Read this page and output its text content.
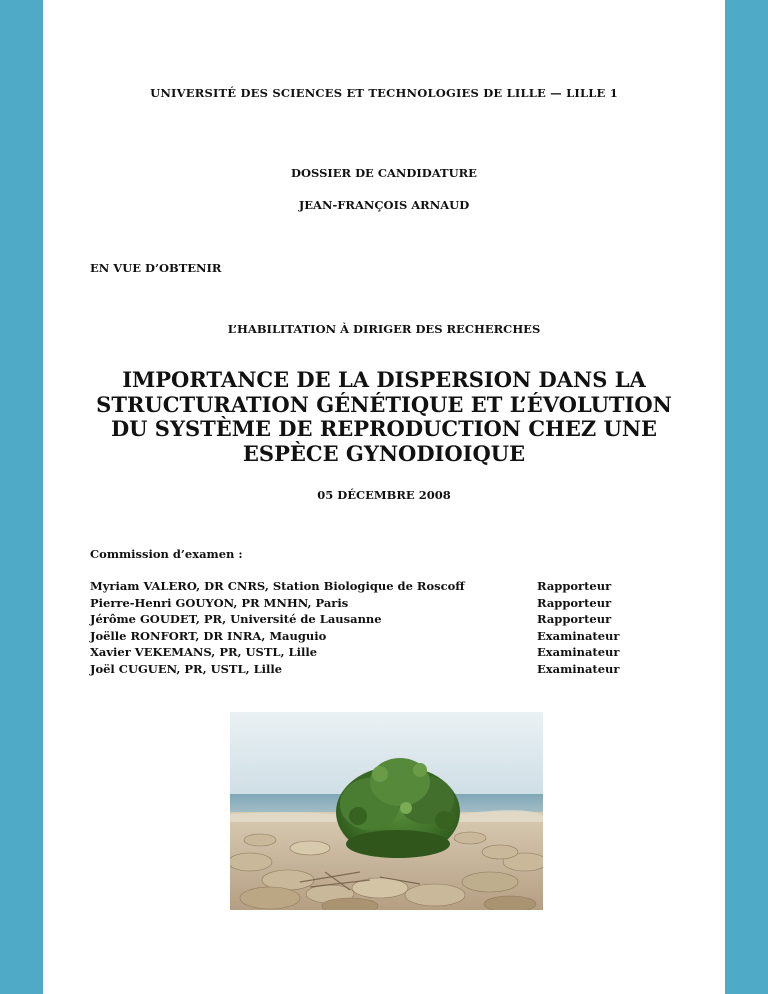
UNIVERSITÉ DES SCIENCES ET TECHNOLOGIES DE LILLE — LILLE 1
DOSSIER DE CANDIDATURE
JEAN-FRANÇOIS ARNAUD
EN VUE D’OBTENIR
L’HABILITATION À DIRIGER DES RECHERCHES
IMPORTANCE DE LA DISPERSION DANS LA
STRUCTURATION GÉNÉTIQUE ET L’ÉVOLUTION
DU SYSTÈME DE REPRODUCTION CHEZ UNE
ESPÈCE GYNODIOIQUE
05 DÉCEMBRE 2008
Commission d’examen :
Myriam VALERO, DR CNRS, Station Biologique de Roscoff	Rapporteur
Pierre-Henri GOUYON, PR MNHN, Paris	Rapporteur
Jérôme GOUDET, PR, Université de Lausanne	Rapporteur
Joëlle RONFORT, DR INRA, Mauguio	Examinateur
Xavier VEKEMANS, PR, USTL, Lille	Examinateur
Joël CUGUEN, PR, USTL, Lille	Examinateur
